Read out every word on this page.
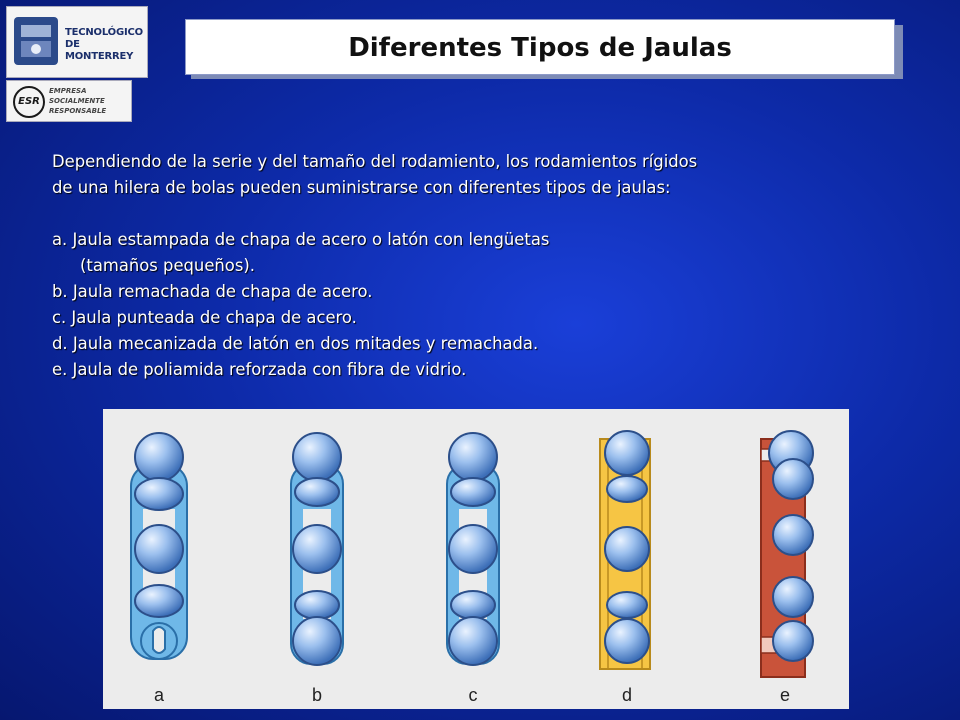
TECNOLÓGICO
DE MONTERREY
ESR
EMPRESA
SOCIALMENTE
RESPONSABLE
Diferentes Tipos de Jaulas

Dependiendo de la serie y del tamaño del rodamiento, los rodamientos rígidos

de una hilera de bolas pueden suministrarse con diferentes tipos de jaulas:

a. Jaula estampada de chapa de acero o latón con lengüetas

(tamaños pequeños).

b. Jaula remachada de chapa de acero.

c. Jaula punteada de chapa de acero.

d. Jaula mecanizada de latón en dos mitades y remachada.

e. Jaula de poliamida reforzada con fibra de vidrio.

a	b	c	d	e
